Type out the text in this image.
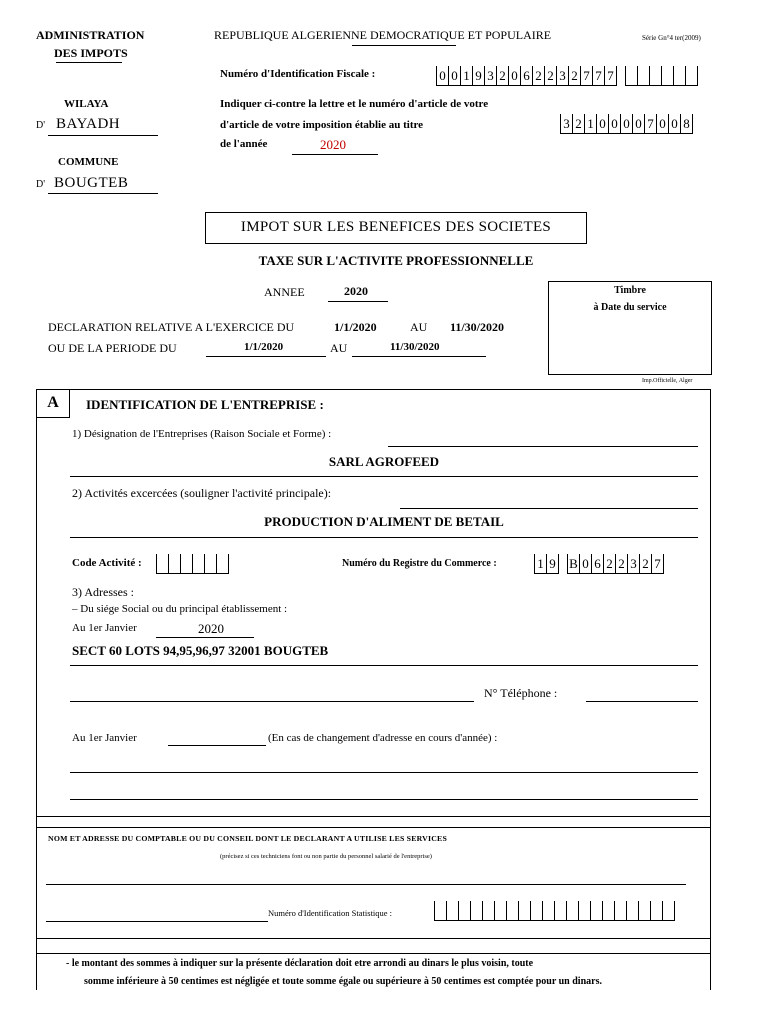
ADMINISTRATION
DES IMPOTS
REPUBLIQUE ALGERIENNE DEMOCRATIQUE ET POPULAIRE	Série Gn°4 ter(2009)
Numéro d'Identification Fiscale :	0 0 1 9 3 2 0 6 2 2 3 2 7 7 7
WILAYA
D' BAYADH
Indiquer ci-contre la lettre et le numéro d'article de votre
d'article de votre imposition établie au titre
de l'année	2020
3 2 1 0 0 0 0 7 0 0 8
COMMUNE
D' BOUGTEB
IMPOT SUR LES BENEFICES DES SOCIETES
TAXE SUR L'ACTIVITE PROFESSIONNELLE
ANNEE	2020
DECLARATION RELATIVE A L'EXERCICE DU	1/1/2020	AU 11/30/2020
OU DE LA PERIODE DU	1/1/2020	AU	11/30/2020
Timbre
à Date du service
Imp.Officielle, Alger
A	IDENTIFICATION DE L'ENTREPRISE :
1) Désignation de l'Entreprises (Raison Sociale et Forme) :
SARL AGROFEED
2) Activités excercées (souligner l'activité principale):
PRODUCTION D'ALIMENT DE BETAIL
Code Activité :	Numéro du Registre du Commerce :	1 9 B 0 6 2 2 3 2 7
3) Adresses :
– Du siége Social ou du principal établissement :
Au 1er Janvier	2020
SECT 60 LOTS 94,95,96,97 32001 BOUGTEB
N° Téléphone :
Au 1er Janvier	(En cas de changement d'adresse en cours d'année) :
NOM ET ADRESSE DU COMPTABLE OU DU CONSEIL DONT LE DECLARANT A UTILISE LES SERVICES
(précisez si ces techniciens font ou non partie du personnel salarié de l'entreprise)
Numéro d'Identification Statistique :
- le montant des sommes à indiquer sur la présente déclaration doit etre arrondi au dinars le plus voisin, toute
somme inférieure à 50 centimes est négligée et toute somme égale ou supérieure à 50 centimes est comptée pour un dinars.
